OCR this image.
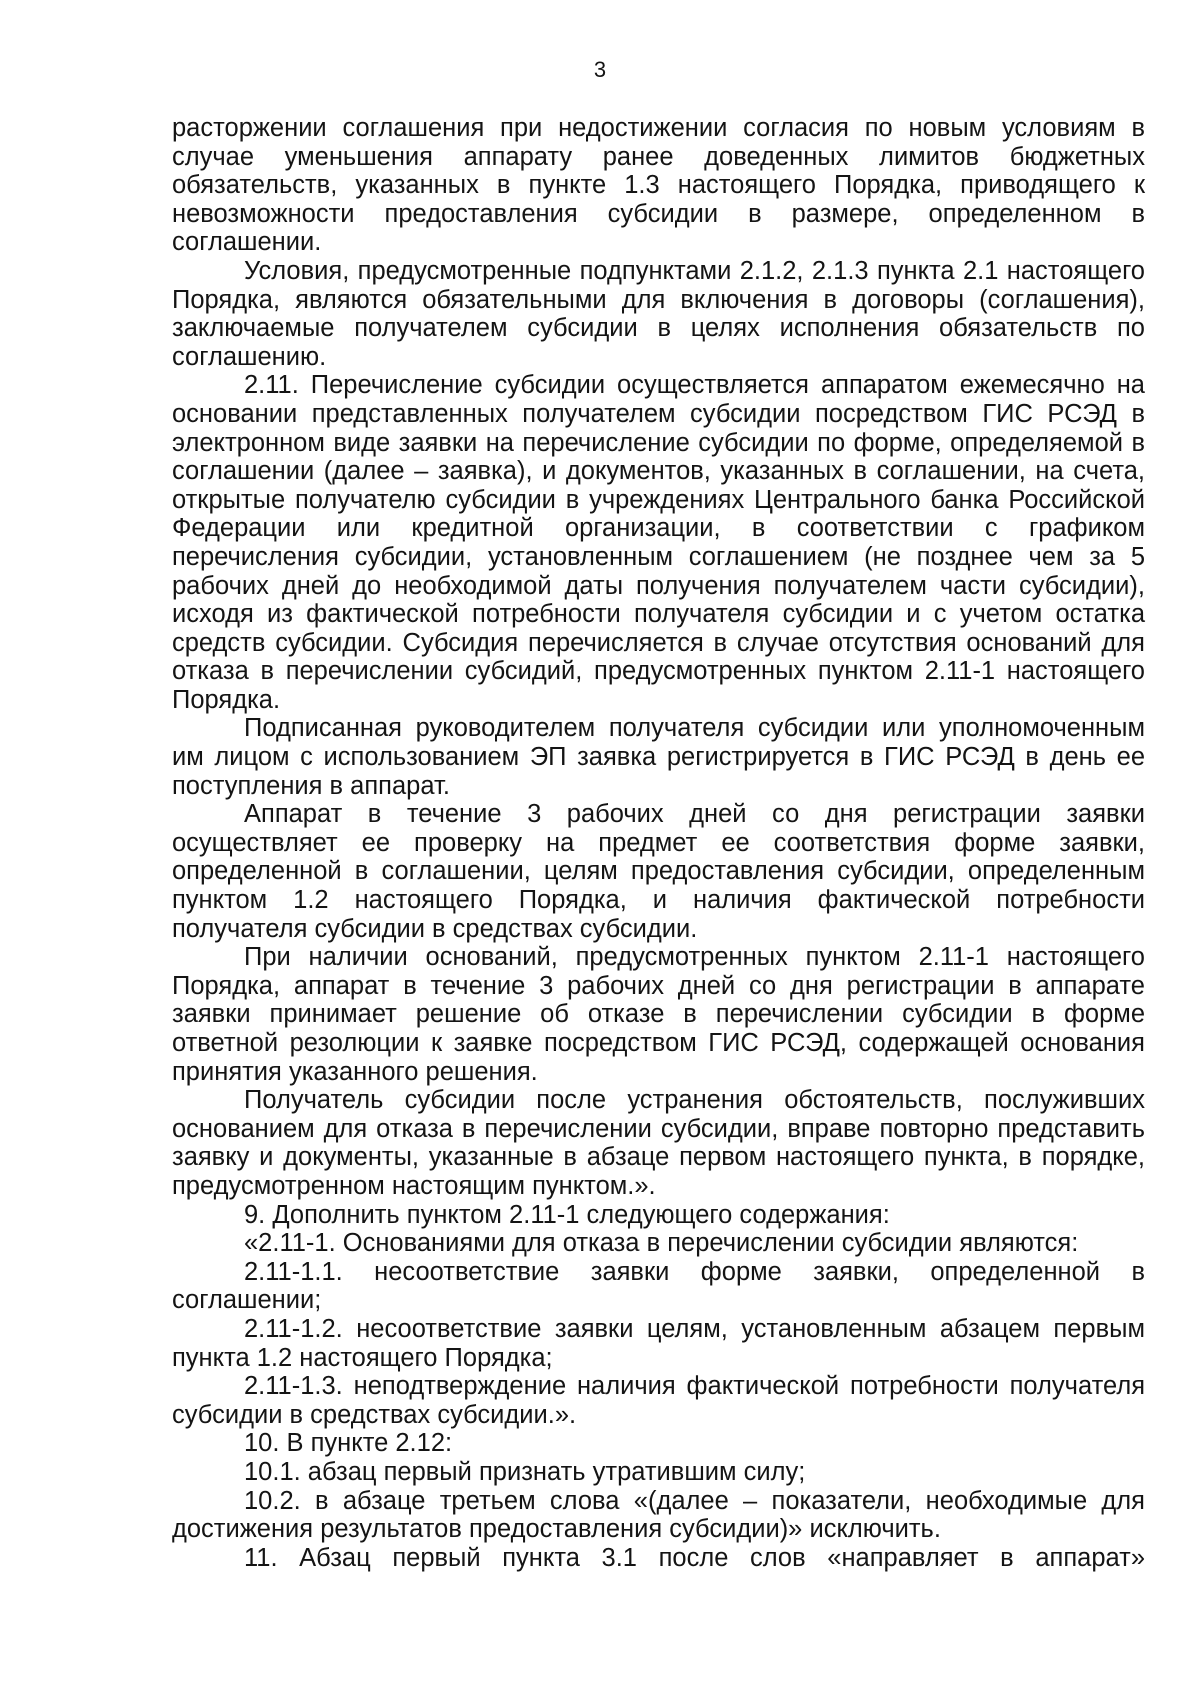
3

расторжении соглашения при недостижении согласия по новым условиям в случае уменьшения аппарату ранее доведенных лимитов бюджетных обязательств, указанных в пункте 1.3 настоящего Порядка, приводящего к невозможности предоставления субсидии в размере, определенном в соглашении.

Условия, предусмотренные подпунктами 2.1.2, 2.1.3 пункта 2.1 настоящего Порядка, являются обязательными для включения в договоры (соглашения), заключаемые получателем субсидии в целях исполнения обязательств по соглашению.

2.11. Перечисление субсидии осуществляется аппаратом ежемесячно на основании представленных получателем субсидии посредством ГИС РСЭД в электронном виде заявки на перечисление субсидии по форме, определяемой в соглашении (далее – заявка), и документов, указанных в соглашении, на счета, открытые получателю субсидии в учреждениях Центрального банка Российской Федерации или кредитной организации, в соответствии с графиком перечисления субсидии, установленным соглашением (не позднее чем за 5 рабочих дней до необходимой даты получения получателем части субсидии), исходя из фактической потребности получателя субсидии и с учетом остатка средств субсидии. Субсидия перечисляется в случае отсутствия оснований для отказа в перечислении субсидий, предусмотренных пунктом 2.11-1 настоящего Порядка.

Подписанная руководителем получателя субсидии или уполномоченным им лицом с использованием ЭП заявка регистрируется в ГИС РСЭД в день ее поступления в аппарат.

Аппарат в течение 3 рабочих дней со дня регистрации заявки осуществляет ее проверку на предмет ее соответствия форме заявки, определенной в соглашении, целям предоставления субсидии, определенным пунктом 1.2 настоящего Порядка, и наличия фактической потребности получателя субсидии в средствах субсидии.

При наличии оснований, предусмотренных пунктом 2.11-1 настоящего Порядка, аппарат в течение 3 рабочих дней со дня регистрации в аппарате заявки принимает решение об отказе в перечислении субсидии в форме ответной резолюции к заявке посредством ГИС РСЭД, содержащей основания принятия указанного решения.

Получатель субсидии после устранения обстоятельств, послуживших основанием для отказа в перечислении субсидии, вправе повторно представить заявку и документы, указанные в абзаце первом настоящего пункта, в порядке, предусмотренном настоящим пунктом.».

9. Дополнить пунктом 2.11-1 следующего содержания:

«2.11-1. Основаниями для отказа в перечислении субсидии являются:

2.11-1.1. несоответствие заявки форме заявки, определенной в соглашении;

2.11-1.2. несоответствие заявки целям, установленным абзацем первым пункта 1.2 настоящего Порядка;

2.11-1.3. неподтверждение наличия фактической потребности получателя субсидии в средствах субсидии.».

10. В пункте 2.12:

10.1. абзац первый признать утратившим силу;

10.2. в абзаце третьем слова «(далее – показатели, необходимые для достижения результатов предоставления субсидии)» исключить.

11. Абзац первый пункта 3.1 после слов «направляет в аппарат»
